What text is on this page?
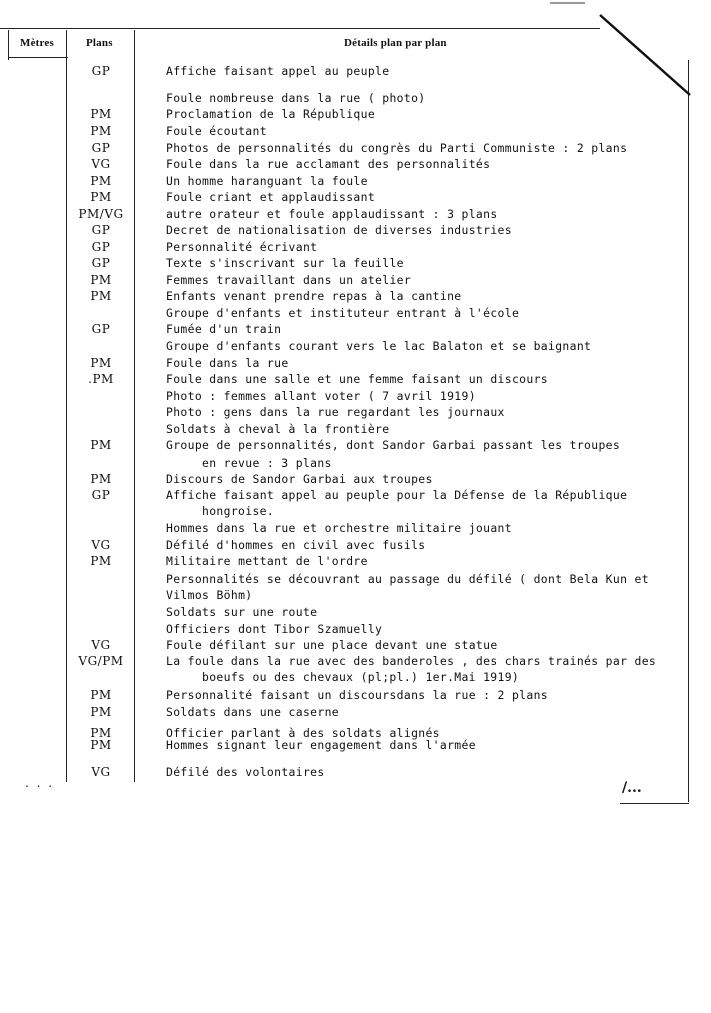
Mètres	Plans	Détails plan par plan
GP	Affiche faisant appel au peuple
Foule nombreuse dans la rue ( photo)
PM	Proclamation de la République
PM	Foule écoutant
GP	Photos de personnalités du congrès du Parti Communiste : 2 plans
VG	Foule dans la rue acclamant des personnalités
PM	Un homme haranguant la foule
PM	Foule criant et applaudissant
PM/VG	autre orateur et foule applaudissant : 3 plans
GP	Decret de nationalisation de diverses industries
GP	Personnalité écrivant
GP	Texte s'inscrivant sur la feuille
PM	Femmes travaillant dans un atelier
PM	Enfants venant prendre repas à la cantine
Groupe d'enfants et instituteur entrant à l'école
GP	Fumée d'un train
Groupe d'enfants courant vers le lac Balaton et se baignant
PM	Foule dans la rue
.PM	Foule dans une salle et une femme faisant un discours
Photo : femmes allant voter ( 7 avril 1919)
Photo : gens dans la rue regardant les journaux
Soldats à cheval à la frontière
PM	Groupe de personnalités, dont Sandor Garbai passant les troupes
en revue : 3 plans
PM	Discours de Sandor Garbai aux troupes
GP	Affiche faisant appel au peuple pour la Défense de la République
hongroise.
Hommes dans la rue et orchestre militaire jouant
VG	Défilé d'hommes en civil avec fusils
PM	Militaire mettant de l'ordre
Personnalités se découvrant au passage du défilé ( dont Bela Kun et
Vilmos Böhm)
Soldats sur une route
Officiers dont Tibor Szamuelly
VG	Foule défilant sur une place devant une statue
VG/PM	La foule dans la rue avec des banderoles , des chars trainés par des
boeufs ou des chevaux (pl;pl.) 1er.Mai 1919)
PM	Personnalité faisant un discoursdans la rue : 2 plans
PM	Soldats dans une caserne
PM	Officier parlant à des soldats alignés
PM	Hommes signant leur engagement dans l'armée
VG	Défilé des volontaires
. . .	/...
